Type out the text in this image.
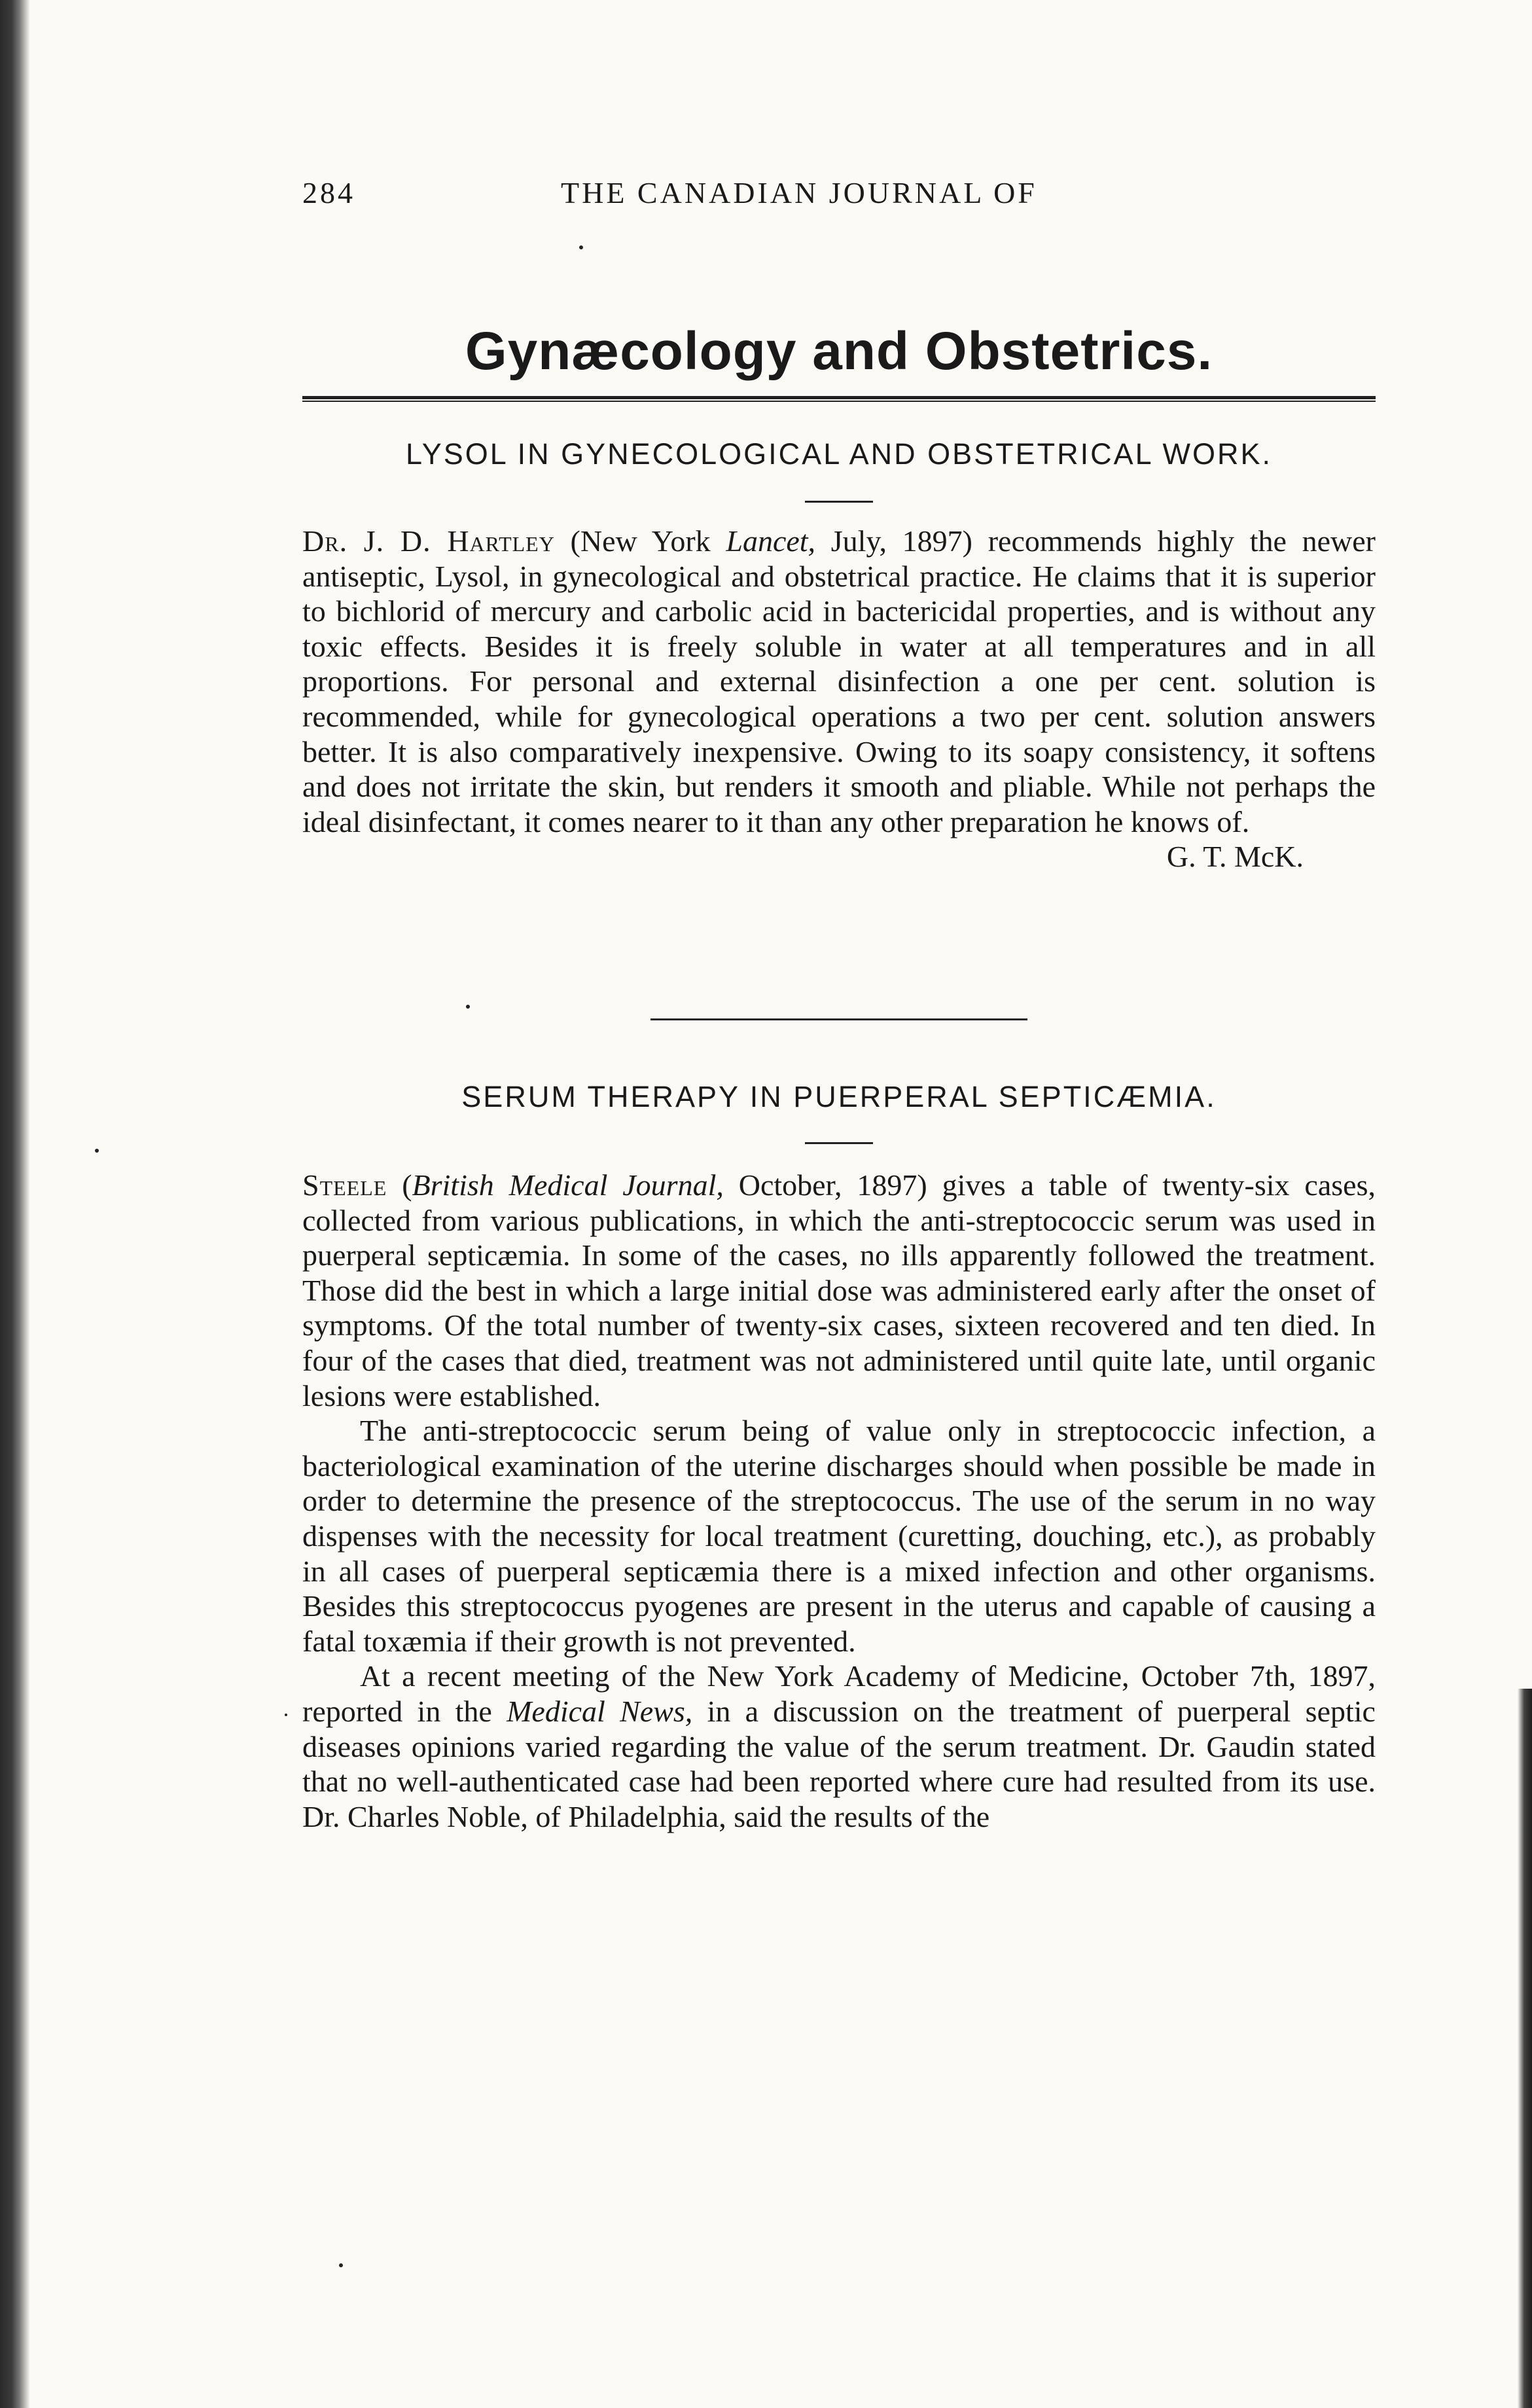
284	THE CANADIAN JOURNAL OF
Gynæcology and Obstetrics.
LYSOL IN GYNECOLOGICAL AND OBSTETRICAL WORK.

Dr. J. D. Hartley (New York Lancet, July, 1897) recommends highly the newer antiseptic, Lysol, in gynecological and obstetrical practice. He claims that it is superior to bichlorid of mercury and carbolic acid in bactericidal properties, and is without any toxic effects. Besides it is freely soluble in water at all temperatures and in all proportions. For personal and external disinfection a one per cent. solution is recommended, while for gynecological operations a two per cent. solution answers better. It is also comparatively inexpensive. Owing to its soapy consistency, it softens and does not irritate the skin, but renders it smooth and pliable. While not perhaps the ideal disinfectant, it comes nearer to it than any other preparation he knows of.

G. T. McK.
SERUM THERAPY IN PUERPERAL SEPTICÆMIA.

Steele (British Medical Journal, October, 1897) gives a table of twenty-six cases, collected from various publications, in which the anti-streptococcic serum was used in puerperal septicæmia. In some of the cases, no ills apparently followed the treatment. Those did the best in which a large initial dose was administered early after the onset of symptoms. Of the total number of twenty-six cases, sixteen recovered and ten died. In four of the cases that died, treatment was not administered until quite late, until organic lesions were established.

The anti-streptococcic serum being of value only in streptococcic infection, a bacteriological examination of the uterine discharges should when possible be made in order to determine the presence of the streptococcus. The use of the serum in no way dispenses with the necessity for local treatment (curetting, douching, etc.), as probably in all cases of puerperal septicæmia there is a mixed infection and other organisms. Besides this streptococcus pyogenes are present in the uterus and capable of causing a fatal toxæmia if their growth is not prevented.

At a recent meeting of the New York Academy of Medicine, October 7th, 1897, reported in the Medical News, in a discussion on the treatment of puerperal septic diseases opinions varied regarding the value of the serum treatment. Dr. Gaudin stated that no well-authenticated case had been reported where cure had resulted from its use. Dr. Charles Noble, of Philadelphia, said the results of the
